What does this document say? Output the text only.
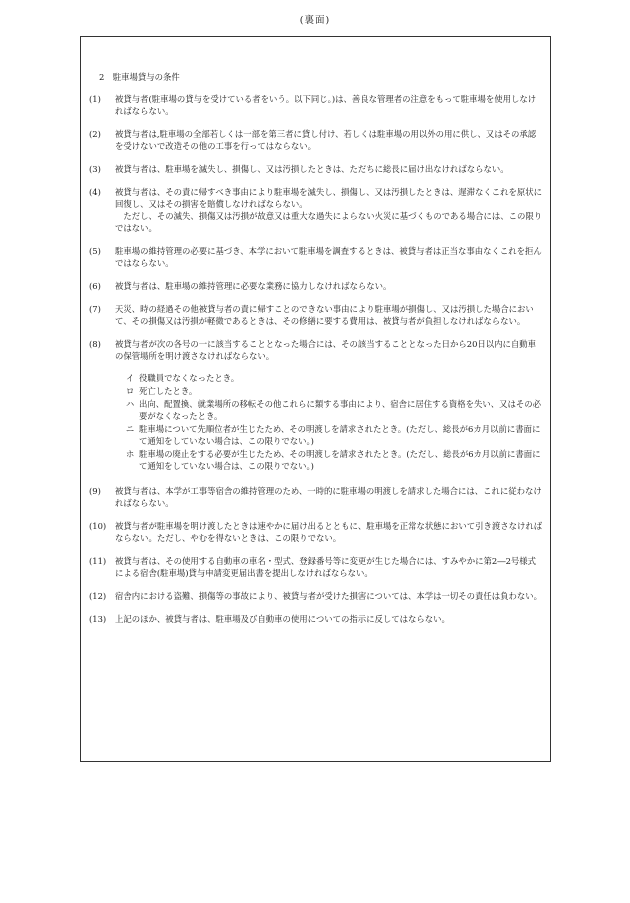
(裏面)
2　駐車場貸与の条件
(1)	被貸与者(駐車場の貸与を受けている者をいう。以下同じ。)は、善良な管理者の注意をもって駐車場を使用しなければならない。

(2)	被貸与者は,駐車場の全部若しくは一部を第三者に貸し付け、若しくは駐車場の用以外の用に供し、又はその承認を受けないで改造その他の工事を行ってはならない。

(3)	被貸与者は、駐車場を滅失し、損傷し、又は汚損したときは、ただちに総長に届け出なければならない。

(4)	被貸与者は、その責に帰すべき事由により駐車場を滅失し、損傷し、又は汚損したときは、遅滞なくこれを原状に回復し、又はその損害を賠償しなければならない。

ただし、その滅失、損傷又は汚損が故意又は重大な過失によらない火災に基づくものである場合には、この限りではない。

(5)	駐車場の維持管理の必要に基づき、本学において駐車場を調査するときは、被貸与者は正当な事由なくこれを拒んではならない。

(6)	被貸与者は、駐車場の維持管理に必要な業務に協力しなければならない。

(7)	天災、時の経過その他被貸与者の責に帰すことのできない事由により駐車場が損傷し、又は汚損した場合において、その損傷又は汚損が軽微であるときは、その修繕に要する費用は、被貸与者が負担しなければならない。

(8)	被貸与者が次の各号の一に該当することとなった場合には、その該当することとなった日から20日以内に自動車の保管場所を明け渡さなければならない。

イ 役職員でなくなったとき。
ロ 死亡したとき。
ハ 出向、配置換、就業場所の移転その他これらに類する事由により、宿舎に居住する資格を失い、又はその必要がなくなったとき。
ニ 駐車場について先順位者が生じたため、その明渡しを請求されたとき。(ただし、総長が6カ月以前に書面にて通知をしていない場合は、この限りでない。)
ホ 駐車場の廃止をする必要が生じたため、その明渡しを請求されたとき。(ただし、総長が6カ月以前に書面にて通知をしていない場合は、この限りでない。)
(9)	被貸与者は、本学が工事等宿舎の維持管理のため、一時的に駐車場の明渡しを請求した場合には、これに従わなければならない。

(10)	被貸与者が駐車場を明け渡したときは速やかに届け出るとともに、駐車場を正常な状態において引き渡さなければならない。ただし、やむを得ないときは、この限りでない。

(11)	被貸与者は、その使用する自動車の車名・型式、登録番号等に変更が生じた場合には、すみやかに第2―2号様式による宿舎(駐車場)貸与申請変更届出書を提出しなければならない。

(12)	宿舎内における盗難、損傷等の事故により、被貸与者が受けた損害については、本学は一切その責任は負わない。

(13)	上記のほか、被貸与者は、駐車場及び自動車の使用についての指示に反してはならない。
